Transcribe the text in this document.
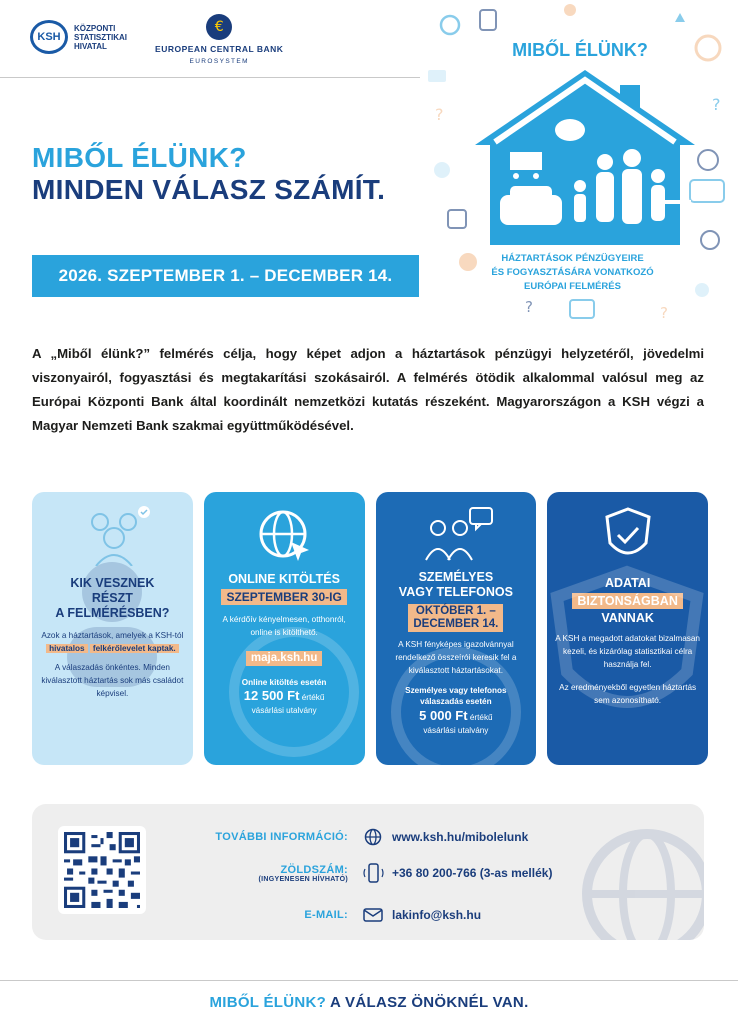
KSH
KÖZPONTI
STATISZTIKAI
HIVATAL
€
EUROPEAN CENTRAL BANK
EUROSYSTEM
?
?
?	?
MIBŐL ÉLÜNK?
HÁZTARTÁSOK PÉNZÜGYEIRE
ÉS FOGYASZTÁSÁRA VONATKOZÓ
EURÓPAI FELMÉRÉS
MIBŐL ÉLÜNK?
MINDEN VÁLASZ SZÁMÍT.
2026. SZEPTEMBER 1. – DECEMBER 14.
A „Miből élünk?” felmérés célja, hogy képet adjon a háztartások pénzügyi helyzetéről, jövedelmi viszonyairól, fogyasztási és megtakarítási szokásairól. A felmérés ötödik alkalommal valósul meg az Európai Központi Bank által koordinált nemzetközi kutatás részeként. Magyarországon a KSH végzi a Magyar Nemzeti Bank szakmai együttműködésével.
KIK VESZNEK
RÉSZT
A FELMÉRÉSBEN?

Azok a háztartások, amelyek a KSH-tól hivatalos felkérőlevelet kaptak.

A válaszadás önkéntes. Minden kiválasztott háztartás sok más családot képvisel.

ONLINE KITÖLTÉS
SZEPTEMBER 30-IG

A kérdőív kényelmesen, otthonról, online is kitölthető.

maja.ksh.hu

Online kitöltés esetén

12 500 Ft értékű

vásárlási utalvány

SZEMÉLYES
VAGY TELEFONOS
OKTÓBER 1. –
DECEMBER 14.

A KSH fényképes igazolvánnyal rendelkező összeírói keresik fel a kiválasztott háztartásokat.

Személyes vagy telefonos válaszadás esetén

5 000 Ft értékű

vásárlási utalvány

ADATAI
BIZTONSÁGBAN
VANNAK

A KSH a megadott adatokat bizalmasan kezeli, és kizárólag statisztikai célra használja fel.

Az eredményekből egyetlen háztartás sem azonosítható.

TOVÁBBI INFORMÁCIÓ:	www.ksh.hu/mibolelunk
ZÖLDSZÁM:
(INGYENESEN HÍVHATÓ)	+36 80 200-766 (3-as mellék)
E-MAIL:	lakinfo@ksh.hu
MIBŐL ÉLÜNK? A VÁLASZ ÖNÖKNÉL VAN.
